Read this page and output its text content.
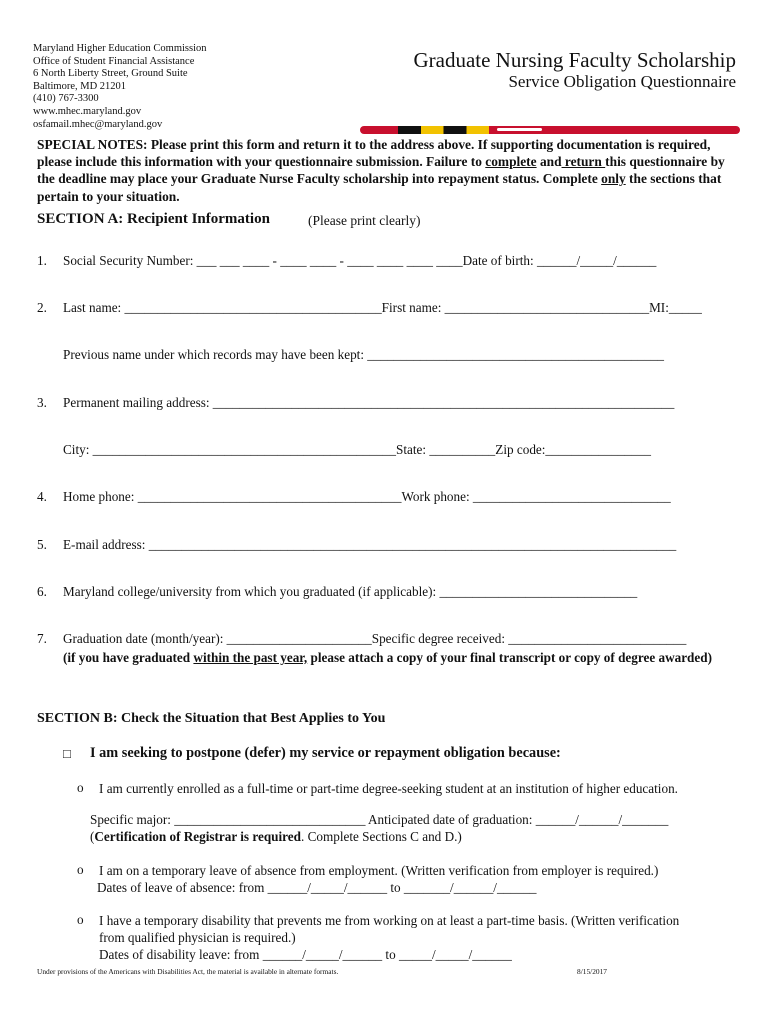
Maryland Higher Education Commission
Office of Student Financial Assistance
6 North Liberty Street, Ground Suite
Baltimore, MD 21201
(410) 767-3300
www.mhec.maryland.gov
osfamail.mhec@maryland.gov
Graduate Nursing Faculty Scholarship
Service Obligation Questionnaire
SPECIAL NOTES: Please print this form and return it to the address above. If supporting documentation is required, please include this information with your questionnaire submission. Failure to complete and return this questionnaire by the deadline may place your Graduate Nurse Faculty scholarship into repayment status. Complete only the sections that pertain to your situation.
SECTION A: Recipient Information	(Please print clearly)
1. Social Security Number: ___ ___ ____ - ____ ____ - ____ ____ ____ ____Date of birth: ______/_____/______
2. Last name: _______________________________________First name: _______________________________MI:_____
Previous name under which records may have been kept: _____________________________________________
3. Permanent mailing address: ______________________________________________________________________
City: ______________________________________________State: __________Zip code:________________
4. Home phone: ________________________________________Work phone: ______________________________
5. E-mail address: ________________________________________________________________________________
6. Maryland college/university from which you graduated (if applicable): ______________________________
7. Graduation date (month/year): ______________________Specific degree received: ___________________________
(if you have graduated within the past year, please attach a copy of your final transcript or copy of degree awarded)
SECTION B: Check the Situation that Best Applies to You
□ I am seeking to postpone (defer) my service or repayment obligation because:
o I am currently enrolled as a full-time or part-time degree-seeking student at an institution of higher education.
Specific major: _____________________________ Anticipated date of graduation: ______/______/_______
(Certification of Registrar is required. Complete Sections C and D.)
o I am on a temporary leave of absence from employment. (Written verification from employer is required.)
Dates of leave of absence: from ______/_____/______ to _______/______/______
o I have a temporary disability that prevents me from working on at least a part-time basis. (Written verification
from qualified physician is required.)
Dates of disability leave: from ______/_____/______ to _____/_____/______
Under provisions of the Americans with Disabilities Act, the material is available in alternate formats.	8/15/2017
